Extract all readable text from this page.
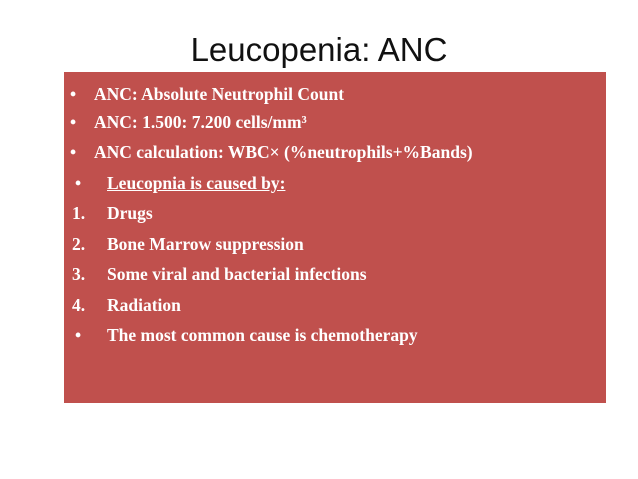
Leucopenia: ANC
• ANC: Absolute Neutrophil Count
• ANC: 1.500: 7.200 cells/mm³
• ANC calculation: WBC× (%neutrophils+%Bands)
• Leucopnia is caused by:
1. Drugs
2. Bone Marrow suppression
3. Some viral and bacterial infections
4. Radiation
• The most common cause is chemotherapy
